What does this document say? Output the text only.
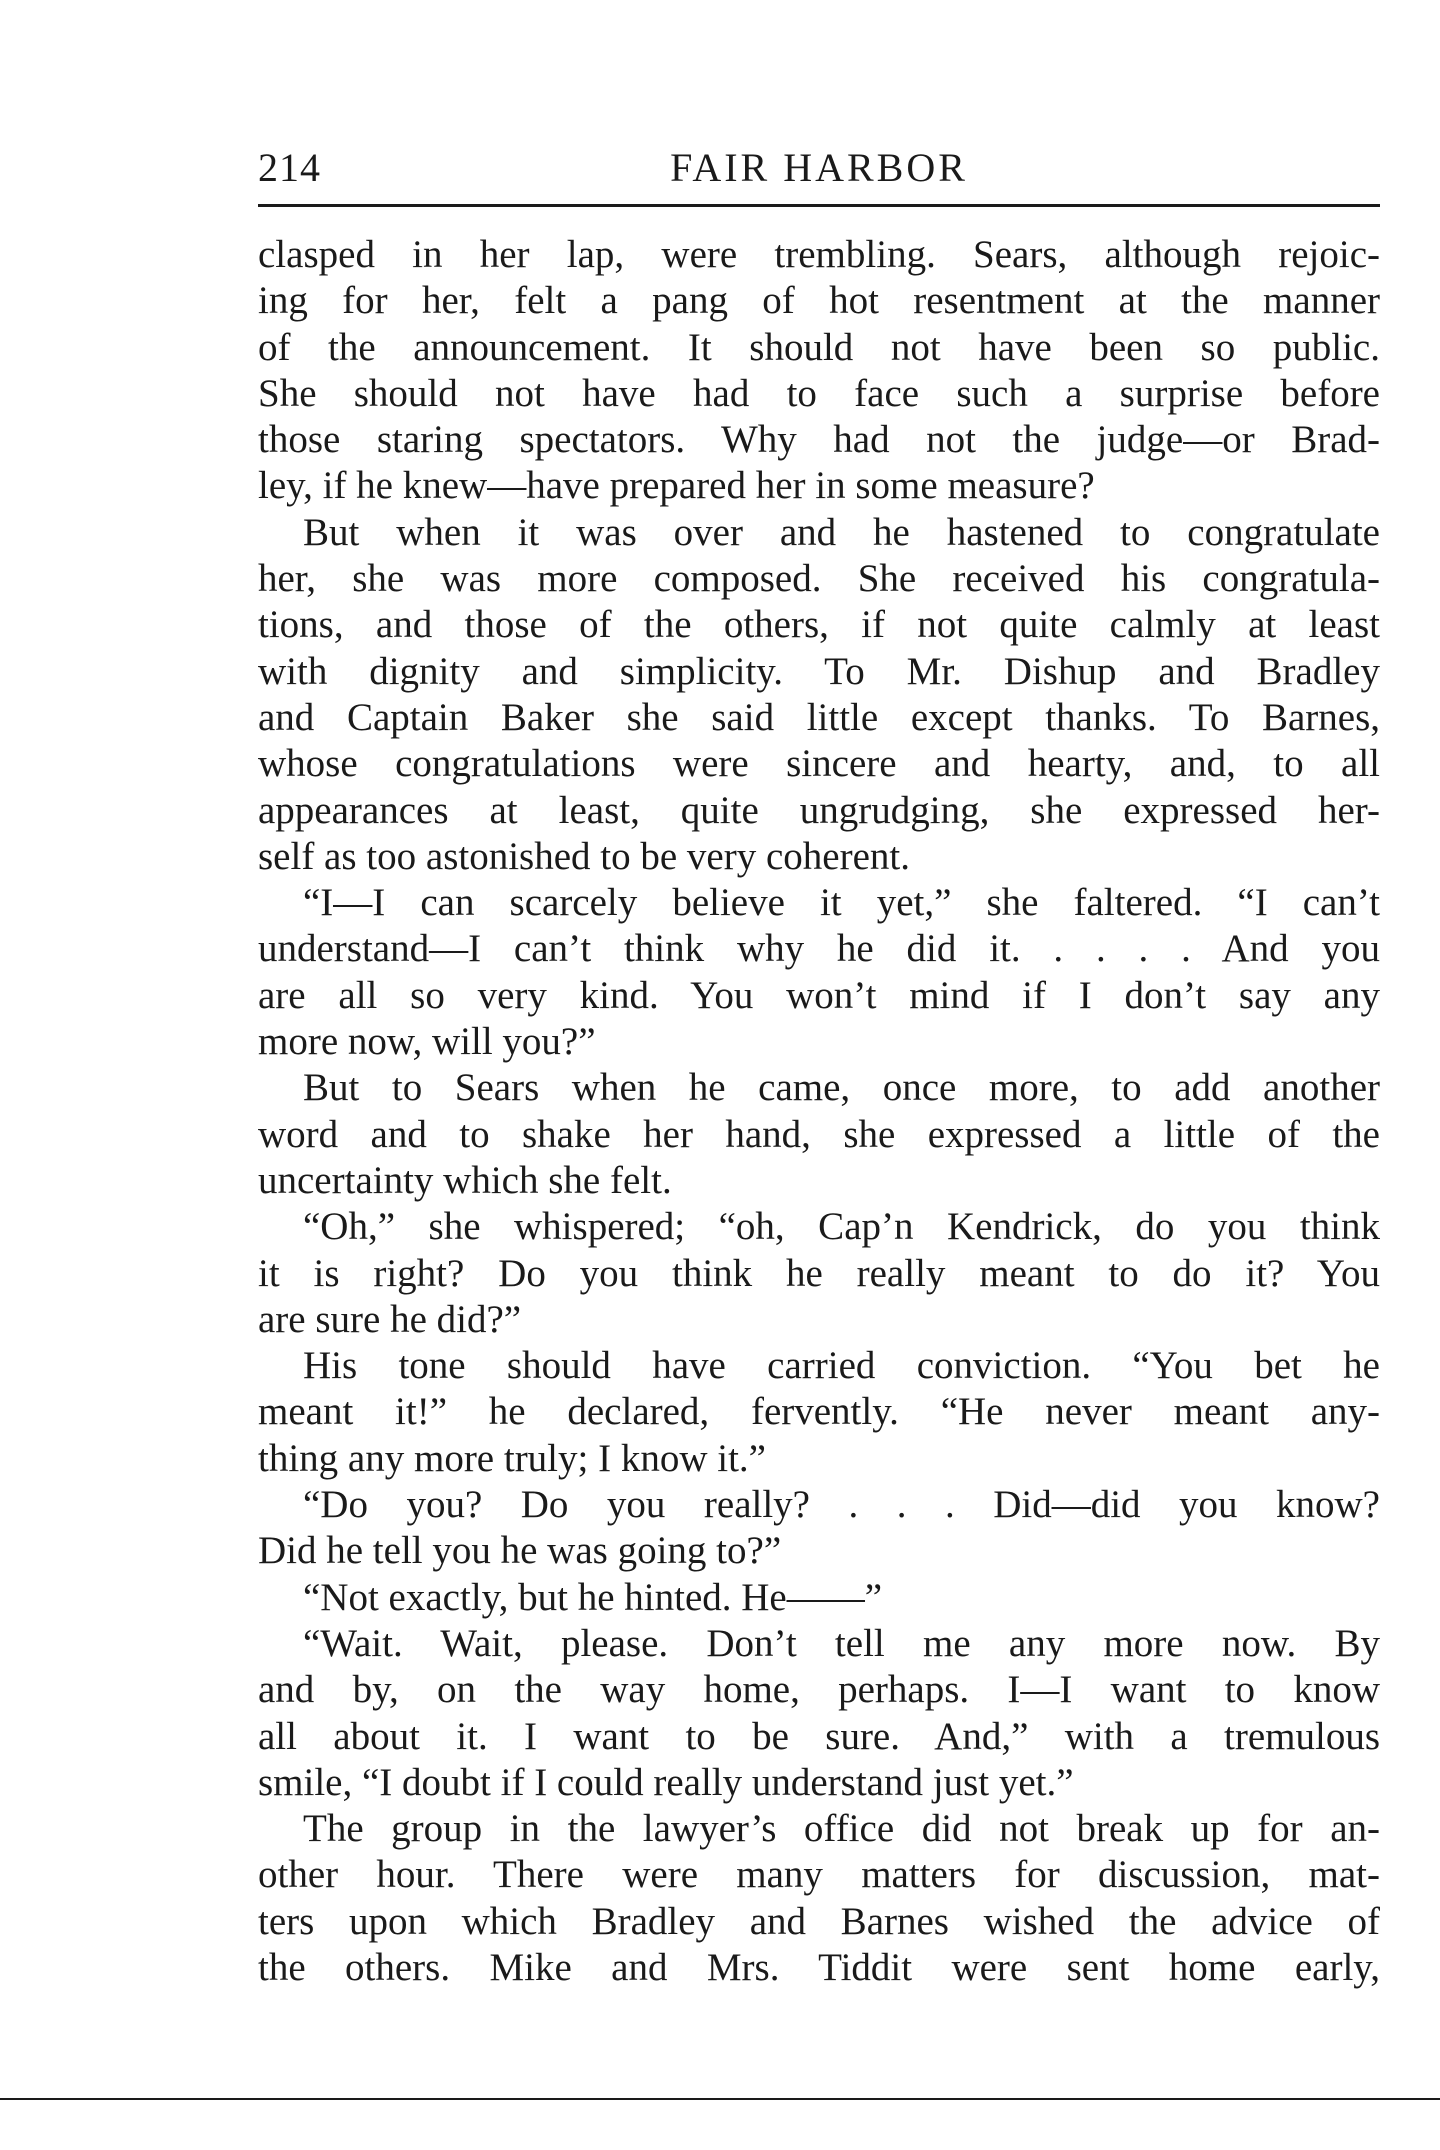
214	FAIR HARBOR

clasped in her lap, were trembling. Sears, although rejoic-

ing for her, felt a pang of hot resentment at the manner

of the announcement. It should not have been so public.

She should not have had to face such a surprise before

those staring spectators. Why had not the judge—or Brad-

ley, if he knew—have prepared her in some measure?

But when it was over and he hastened to congratulate

her, she was more composed. She received his congratula-

tions, and those of the others, if not quite calmly at least

with dignity and simplicity. To Mr. Dishup and Bradley

and Captain Baker she said little except thanks. To Barnes,

whose congratulations were sincere and hearty, and, to all

appearances at least, quite ungrudging, she expressed her-

self as too astonished to be very coherent.

“I—I can scarcely believe it yet,” she faltered. “I can’t

understand—I can’t think why he did it. . . . . And you

are all so very kind. You won’t mind if I don’t say any

more now, will you?”

But to Sears when he came, once more, to add another

word and to shake her hand, she expressed a little of the

uncertainty which she felt.

“Oh,” she whispered; “oh, Cap’n Kendrick, do you think

it is right? Do you think he really meant to do it? You

are sure he did?”

His tone should have carried conviction. “You bet he

meant it!” he declared, fervently. “He never meant any-

thing any more truly; I know it.”

“Do you? Do you really? . . . Did—did you know?

Did he tell you he was going to?”

“Not exactly, but he hinted. He——”

“Wait. Wait, please. Don’t tell me any more now. By

and by, on the way home, perhaps. I—I want to know

all about it. I want to be sure. And,” with a tremulous

smile, “I doubt if I could really understand just yet.”

The group in the lawyer’s office did not break up for an-

other hour. There were many matters for discussion, mat-

ters upon which Bradley and Barnes wished the advice of

the others. Mike and Mrs. Tiddit were sent home early,
